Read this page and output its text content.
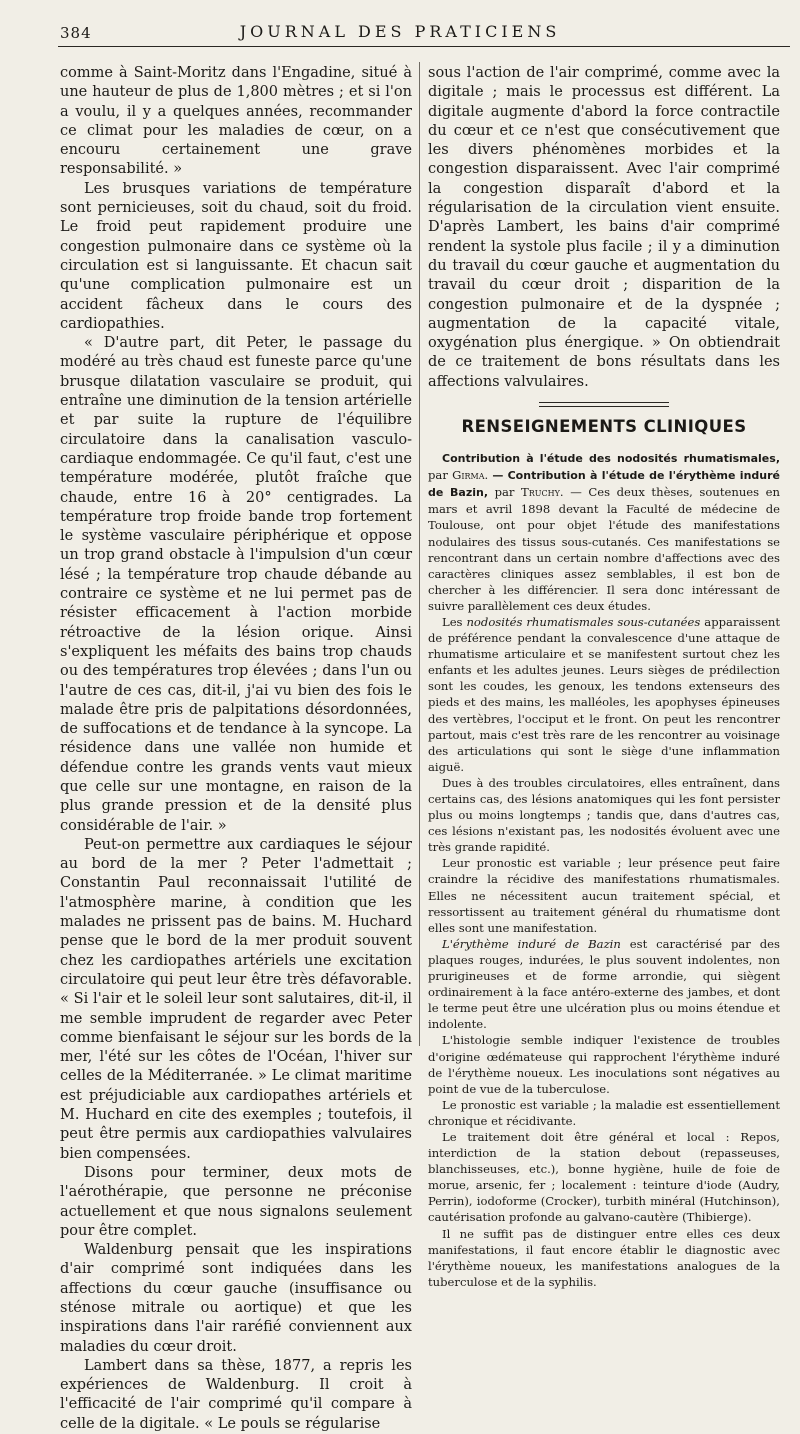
384	JOURNAL DES PRATICIENS

comme à Saint-Moritz dans l'Engadine, situé à une hauteur de plus de 1,800 mètres ; et si l'on a voulu, il y a quelques années, recommander ce climat pour les maladies de cœur, on a encouru certainement une grave responsabilité. »

Les brusques variations de température sont pernicieuses, soit du chaud, soit du froid. Le froid peut rapidement produire une congestion pulmonaire dans ce système où la circulation est si languissante. Et chacun sait qu'une complication pulmonaire est un accident fâcheux dans le cours des cardiopathies.

« D'autre part, dit Peter, le passage du modéré au très chaud est funeste parce qu'une brusque dilatation vasculaire se produit, qui entraîne une diminution de la tension artérielle et par suite la rupture de l'équilibre circulatoire dans la canalisation vasculo-cardiaque endommagée. Ce qu'il faut, c'est une température modérée, plutôt fraîche que chaude, entre 16 à 20° centigrades. La température trop froide bande trop fortement le système vasculaire périphérique et oppose un trop grand obstacle à l'impulsion d'un cœur lésé ; la température trop chaude débande au contraire ce système et ne lui permet pas de résister efficacement à l'action morbide rétroactive de la lésion orique. Ainsi s'expliquent les méfaits des bains trop chauds ou des températures trop élevées ; dans l'un ou l'autre de ces cas, dit-il, j'ai vu bien des fois le malade être pris de palpitations désordonnées, de suffocations et de tendance à la syncope. La résidence dans une vallée non humide et défendue contre les grands vents vaut mieux que celle sur une montagne, en raison de la plus grande pression et de la densité plus considérable de l'air. »

Peut-on permettre aux cardiaques le séjour au bord de la mer ? Peter l'admettait ; Constantin Paul reconnaissait l'utilité de l'atmosphère marine, à condition que les malades ne prissent pas de bains. M. Huchard pense que le bord de la mer produit souvent chez les cardiopathes artériels une excitation circulatoire qui peut leur être très défavorable. « Si l'air et le soleil leur sont salutaires, dit-il, il me semble imprudent de regarder avec Peter comme bienfaisant le séjour sur les bords de la mer, l'été sur les côtes de l'Océan, l'hiver sur celles de la Méditerranée. » Le climat maritime est préjudiciable aux cardiopathes artériels et M. Huchard en cite des exemples ; toutefois, il peut être permis aux cardiopathies valvulaires bien compensées.

Disons pour terminer, deux mots de l'aérothérapie, que personne ne préconise actuellement et que nous signalons seulement pour être complet.

Waldenburg pensait que les inspirations d'air comprimé sont indiquées dans les affections du cœur gauche (insuffisance ou sténose mitrale ou aortique) et que les inspirations dans l'air raréfié conviennent aux maladies du cœur droit.

Lambert dans sa thèse, 1877, a repris les expériences de Waldenburg. Il croit à l'efficacité de l'air comprimé qu'il compare à celle de la digitale. « Le pouls se régularise

sous l'action de l'air comprimé, comme avec la digitale ; mais le processus est différent. La digitale augmente d'abord la force contractile du cœur et ce n'est que consécutivement que les divers phénomènes morbides et la congestion disparaissent. Avec l'air comprimé la congestion disparaît d'abord et la régularisation de la circulation vient ensuite. D'après Lambert, les bains d'air comprimé rendent la systole plus facile ; il y a diminution du travail du cœur gauche et augmentation du travail du cœur droit ; disparition de la congestion pulmonaire et de la dyspnée ; augmentation de la capacité vitale, oxygénation plus énergique. » On obtiendrait de ce traitement de bons résultats dans les affections valvulaires.

RENSEIGNEMENTS CLINIQUES

Contribution à l'étude des nodosités rhumatismales, par Girma. — Contribution à l'étude de l'érythème induré de Bazin, par Truchy. — Ces deux thèses, soutenues en mars et avril 1898 devant la Faculté de médecine de Toulouse, ont pour objet l'étude des manifestations nodulaires des tissus sous-cutanés. Ces manifestations se rencontrant dans un certain nombre d'affections avec des caractères cliniques assez semblables, il est bon de chercher à les différencier. Il sera donc intéressant de suivre parallèlement ces deux études.

Les nodosités rhumatismales sous-cutanées apparaissent de préférence pendant la convalescence d'une attaque de rhumatisme articulaire et se manifestent surtout chez les enfants et les adultes jeunes. Leurs sièges de prédilection sont les coudes, les genoux, les tendons extenseurs des pieds et des mains, les malléoles, les apophyses épineuses des vertèbres, l'occiput et le front. On peut les rencontrer partout, mais c'est très rare de les rencontrer au voisinage des articulations qui sont le siège d'une inflammation aiguë.

Dues à des troubles circulatoires, elles entraînent, dans certains cas, des lésions anatomiques qui les font persister plus ou moins longtemps ; tandis que, dans d'autres cas, ces lésions n'existant pas, les nodosités évoluent avec une très grande rapidité.

Leur pronostic est variable ; leur présence peut faire craindre la récidive des manifestations rhumatismales. Elles ne nécessitent aucun traitement spécial, et ressortissent au traitement général du rhumatisme dont elles sont une manifestation.

L'érythème induré de Bazin est caractérisé par des plaques rouges, indurées, le plus souvent indolentes, non prurigineuses et de forme arrondie, qui siègent ordinairement à la face antéro-externe des jambes, et dont le terme peut être une ulcération plus ou moins étendue et indolente.

L'histologie semble indiquer l'existence de troubles d'origine œdémateuse qui rapprochent l'érythème induré de l'érythème noueux. Les inoculations sont négatives au point de vue de la tuberculose.

Le pronostic est variable ; la maladie est essentiellement chronique et récidivante.

Le traitement doit être général et local : Repos, interdiction de la station debout (repasseuses, blanchisseuses, etc.), bonne hygiène, huile de foie de morue, arsenic, fer ; localement : teinture d'iode (Audry, Perrin), iodoforme (Crocker), turbith minéral (Hutchinson), cautérisation profonde au galvano-cautère (Thibierge).

Il ne suffit pas de distinguer entre elles ces deux manifestations, il faut encore établir le diagnostic avec l'érythème noueux, les manifestations analogues de la tuberculose et de la syphilis.
